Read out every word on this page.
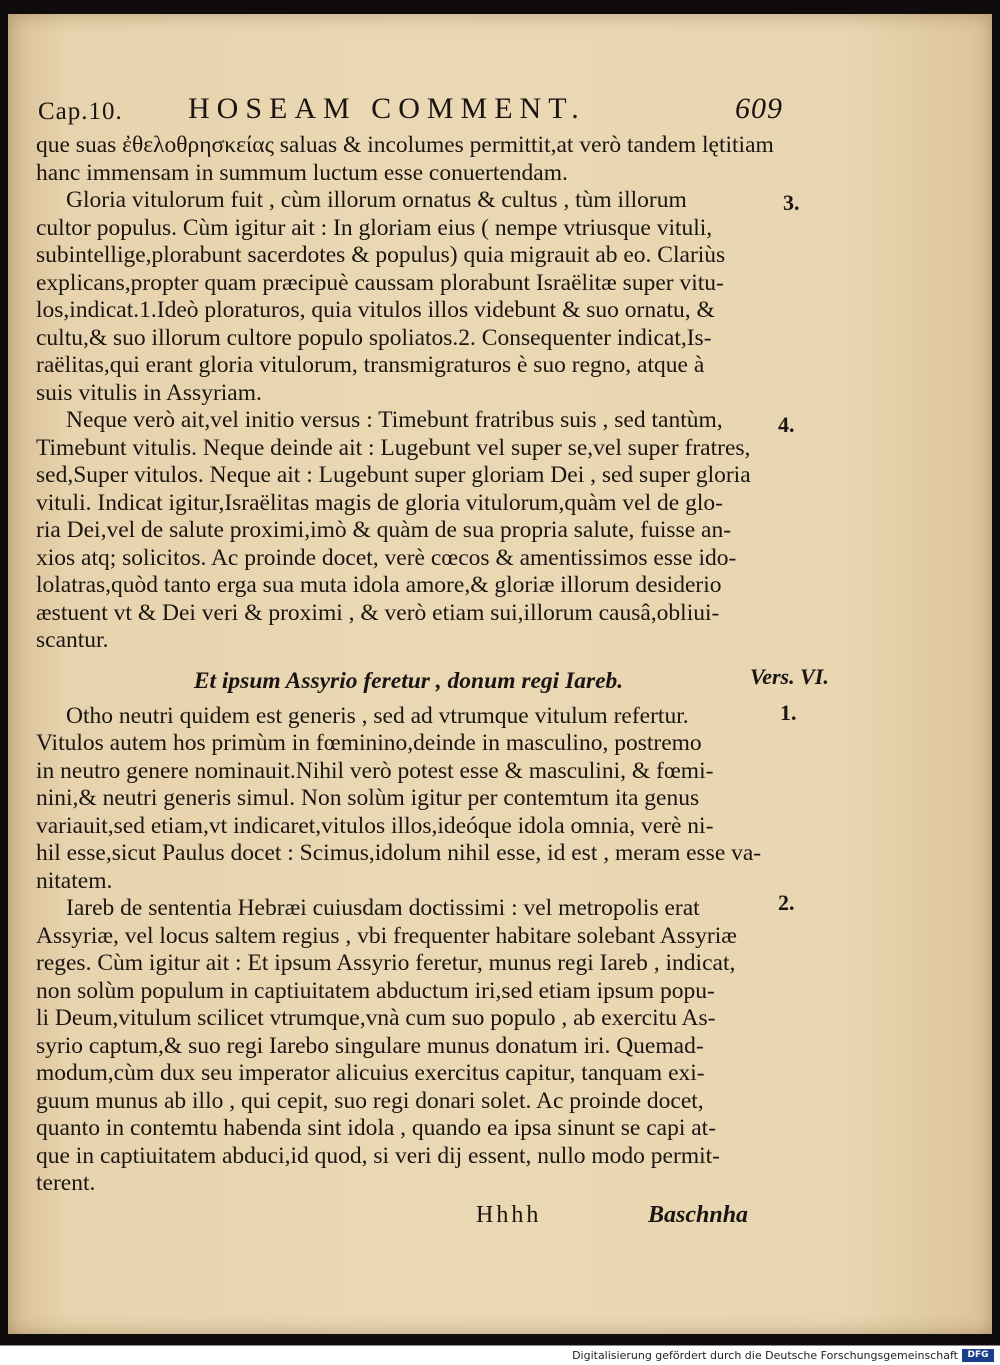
Cap.10. HOSEAM COMMENT.	609
que suas ἐθελοθρησκείας saluas & incolumes permittit,at verò tandem lętitiam
hanc immensam in summum luctum esse conuertendam.
Gloria vitulorum fuit , cùm illorum ornatus & cultus , tùm illorum
cultor populus. Cùm igitur ait : In gloriam eius ( nempe vtriusque vituli,
subintellige,plorabunt sacerdotes & populus) quia migrauit ab eo. Clariùs
explicans,propter quam præcipuè caussam plorabunt Israëlitæ super vitu-
los,indicat.1.Ideò ploraturos, quia vitulos illos videbunt & suo ornatu, &
cultu,& suo illorum cultore populo spoliatos.2. Consequenter indicat,Is-
raëlitas,qui erant gloria vitulorum, transmigraturos è suo regno, atque à
suis vitulis in Assyriam.
Neque verò ait,vel initio versus : Timebunt fratribus suis , sed tantùm,
Timebunt vitulis. Neque deinde ait : Lugebunt vel super se,vel super fratres,
sed,Super vitulos. Neque ait : Lugebunt super gloriam Dei , sed super gloria
vituli. Indicat igitur,Israëlitas magis de gloria vitulorum,quàm vel de glo-
ria Dei,vel de salute proximi,imò & quàm de sua propria salute, fuisse an-
xios atq; solicitos. Ac proinde docet, verè cœcos & amentissimos esse ido-
lolatras,quòd tanto erga sua muta idola amore,& gloriæ illorum desiderio
æstuent vt & Dei veri & proximi , & verò etiam sui,illorum causâ,obliui-
scantur.
Et ipsum Assyrio feretur , donum regi Iareb.
Otho neutri quidem est generis , sed ad vtrumque vitulum refertur.
Vitulos autem hos primùm in fœminino,deinde in masculino, postremo
in neutro genere nominauit.Nihil verò potest esse & masculini, & fœmi-
nini,& neutri generis simul. Non solùm igitur per contemtum ita genus
variauit,sed etiam,vt indicaret,vitulos illos,ideóque idola omnia, verè ni-
hil esse,sicut Paulus docet : Scimus,idolum nihil esse, id est , meram esse va-
nitatem.
Iareb de sententia Hebræi cuiusdam doctissimi : vel metropolis erat
Assyriæ, vel locus saltem regius , vbi frequenter habitare solebant Assyriæ
reges. Cùm igitur ait : Et ipsum Assyrio feretur, munus regi Iareb , indicat,
non solùm populum in captiuitatem abductum iri,sed etiam ipsum popu-
li Deum,vitulum scilicet vtrumque,vnà cum suo populo , ab exercitu As-
syrio captum,& suo regi Iarebo singulare munus donatum iri. Quemad-
modum,cùm dux seu imperator alicuius exercitus capitur, tanquam exi-
guum munus ab illo , qui cepit, suo regi donari solet. Ac proinde docet,
quanto in contemtu habenda sint idola , quando ea ipsa sinunt se capi at-
que in captiuitatem abduci,id quod, si veri dij essent, nullo modo permit-
terent.
3.
4.
Vers. VI.
1.
2.
Hhhh	Baschnha
Digitalisierung gefördert durch die Deutsche Forschungsgemeinschaft	DFG
